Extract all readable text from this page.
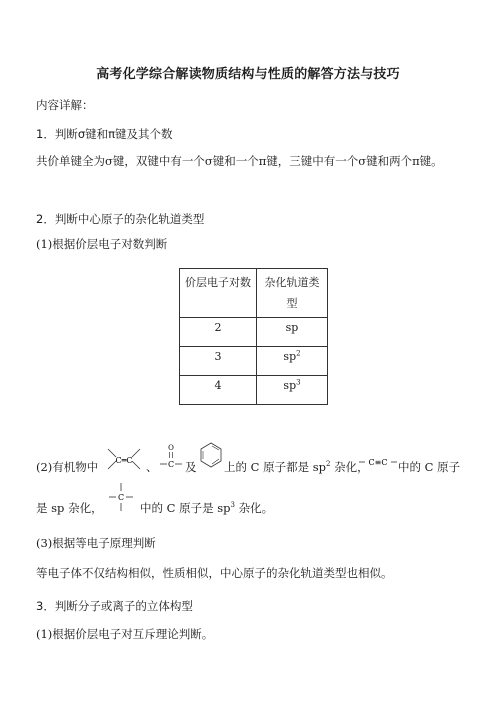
高考化学综合解读物质结构与性质的解答方法与技巧
内容详解：
1．判断σ键和π键及其个数
共价单键全为σ键，双键中有一个σ键和一个π键，三键中有一个σ键和两个π键。
2．判断中心原子的杂化轨道类型
(1)根据价层电子对数判断
价层电子对数	杂化轨道类型
2	sp
3	$sp^2$
4	$sp^3$
(2)有机物中 C═C 、
O
C 及 上的 C 原子都是 $sp^2$ 杂化， C≡C 中的 C 原子
是 sp 杂化，
C
中的 C 原子是 $sp^3$ 杂化。
(3)根据等电子原理判断
等电子体不仅结构相似，性质相似，中心原子的杂化轨道类型也相似。
3．判断分子或离子的立体构型
(1)根据价层电子对互斥理论判断。
